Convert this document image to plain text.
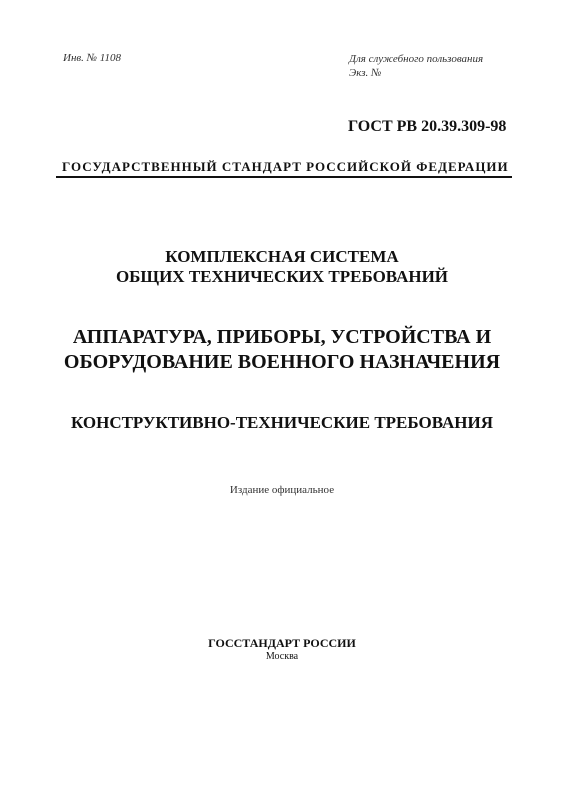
Инв. № 1108	Для служебного пользования
Экз. №
ГОСТ РВ 20.39.309-98
ГОСУДАРСТВЕННЫЙ СТАНДАРТ РОССИЙСКОЙ ФЕДЕРАЦИИ
КОМПЛЕКСНАЯ СИСТЕМА
ОБЩИХ ТЕХНИЧЕСКИХ ТРЕБОВАНИЙ
АППАРАТУРА, ПРИБОРЫ, УСТРОЙСТВА И
ОБОРУДОВАНИЕ ВОЕННОГО НАЗНАЧЕНИЯ
КОНСТРУКТИВНО-ТЕХНИЧЕСКИЕ ТРЕБОВАНИЯ
Издание официальное
ГОССТАНДАРТ РОССИИ
Москва
